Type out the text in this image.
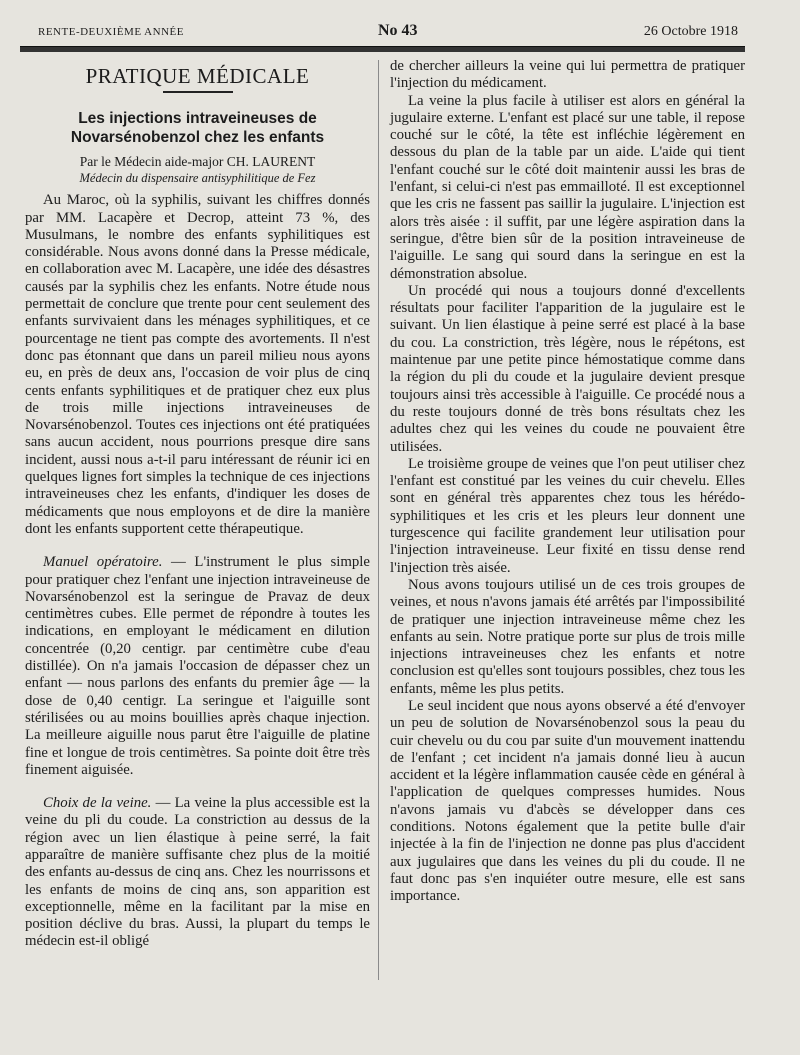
RENTE-DEUXIÈME ANNÉE	No 43	26 Octobre 1918
PRATIQUE MÉDICALE
Les injections intraveineuses de Novarsénobenzol chez les enfants
Par le Médecin aide-major CH. LAURENT
Médecin du dispensaire antisyphilitique de Fez

Au Maroc, où la syphilis, suivant les chiffres donnés par MM. Lacapère et Decrop, atteint 73 %, des Musulmans, le nombre des enfants syphilitiques est considérable. Nous avons donné dans la Presse médicale, en collaboration avec M. Lacapère, une idée des désastres causés par la syphilis chez les enfants. Notre étude nous permettait de conclure que trente pour cent seulement des enfants survivaient dans les ménages syphilitiques, et ce pourcentage ne tient pas compte des avortements. Il n'est donc pas étonnant que dans un pareil milieu nous ayons eu, en près de deux ans, l'occasion de voir plus de cinq cents enfants syphilitiques et de pratiquer chez eux plus de trois mille injections intraveineuses de Novarsénobenzol. Toutes ces injections ont été pratiquées sans aucun accident, nous pourrions presque dire sans incident, aussi nous a-t-il paru intéressant de réunir ici en quelques lignes fort simples la technique de ces injections intraveineuses chez les enfants, d'indiquer les doses de médicaments que nous employons et de dire la manière dont les enfants supportent cette thérapeutique.

Manuel opératoire. — L'instrument le plus simple pour pratiquer chez l'enfant une injection intraveineuse de Novarsénobenzol est la seringue de Pravaz de deux centimètres cubes. Elle permet de répondre à toutes les indications, en employant le médicament en dilution concentrée (0,20 centigr. par centimètre cube d'eau distillée). On n'a jamais l'occasion de dépasser chez un enfant — nous parlons des enfants du premier âge — la dose de 0,40 centigr. La seringue et l'aiguille sont stérilisées ou au moins bouillies après chaque injection. La meilleure aiguille nous parut être l'aiguille de platine fine et longue de trois centimètres. Sa pointe doit être très finement aiguisée.

Choix de la veine. — La veine la plus accessible est la veine du pli du coude. La constriction au dessus de la région avec un lien élastique à peine serré, la fait apparaître de manière suffisante chez plus de la moitié des enfants au-dessus de cinq ans. Chez les nourrissons et les enfants de moins de cinq ans, son apparition est exceptionnelle, même en la facilitant par la mise en position déclive du bras. Aussi, la plupart du temps le médecin est-il obligé

de chercher ailleurs la veine qui lui permettra de pratiquer l'injection du médicament.

La veine la plus facile à utiliser est alors en général la jugulaire externe. L'enfant est placé sur une table, il repose couché sur le côté, la tête est infléchie légèrement en dessous du plan de la table par un aide. L'aide qui tient l'enfant couché sur le côté doit maintenir aussi les bras de l'enfant, si celui-ci n'est pas emmailloté. Il est exceptionnel que les cris ne fassent pas saillir la jugulaire. L'injection est alors très aisée : il suffit, par une légère aspiration dans la seringue, d'être bien sûr de la position intraveineuse de l'aiguille. Le sang qui sourd dans la seringue en est la démonstration absolue.

Un procédé qui nous a toujours donné d'excellents résultats pour faciliter l'apparition de la jugulaire est le suivant. Un lien élastique à peine serré est placé à la base du cou. La constriction, très légère, nous le répétons, est maintenue par une petite pince hémostatique comme dans la région du pli du coude et la jugulaire devient presque toujours ainsi très accessible à l'aiguille. Ce procédé nous a du reste toujours donné de très bons résultats chez les adultes chez qui les veines du coude ne pouvaient être utilisées.

Le troisième groupe de veines que l'on peut utiliser chez l'enfant est constitué par les veines du cuir chevelu. Elles sont en général très apparentes chez tous les hérédo-syphilitiques et les cris et les pleurs leur donnent une turgescence qui facilite grandement leur utilisation pour l'injection intraveineuse. Leur fixité en tissu dense rend l'injection très aisée.

Nous avons toujours utilisé un de ces trois groupes de veines, et nous n'avons jamais été arrêtés par l'impossibilité de pratiquer une injection intraveineuse même chez les enfants au sein. Notre pratique porte sur plus de trois mille injections intraveineuses chez les enfants et notre conclusion est qu'elles sont toujours possibles, chez tous les enfants, même les plus petits.

Le seul incident que nous ayons observé a été d'envoyer un peu de solution de Novarsénobenzol sous la peau du cuir chevelu ou du cou par suite d'un mouvement inattendu de l'enfant ; cet incident n'a jamais donné lieu à aucun accident et la légère inflammation causée cède en général à l'application de quelques compresses humides. Nous n'avons jamais vu d'abcès se développer dans ces conditions. Notons également que la petite bulle d'air injectée à la fin de l'injection ne donne pas plus d'accident aux jugulaires que dans les veines du pli du coude. Il ne faut donc pas s'en inquiéter outre mesure, elle est sans importance.
